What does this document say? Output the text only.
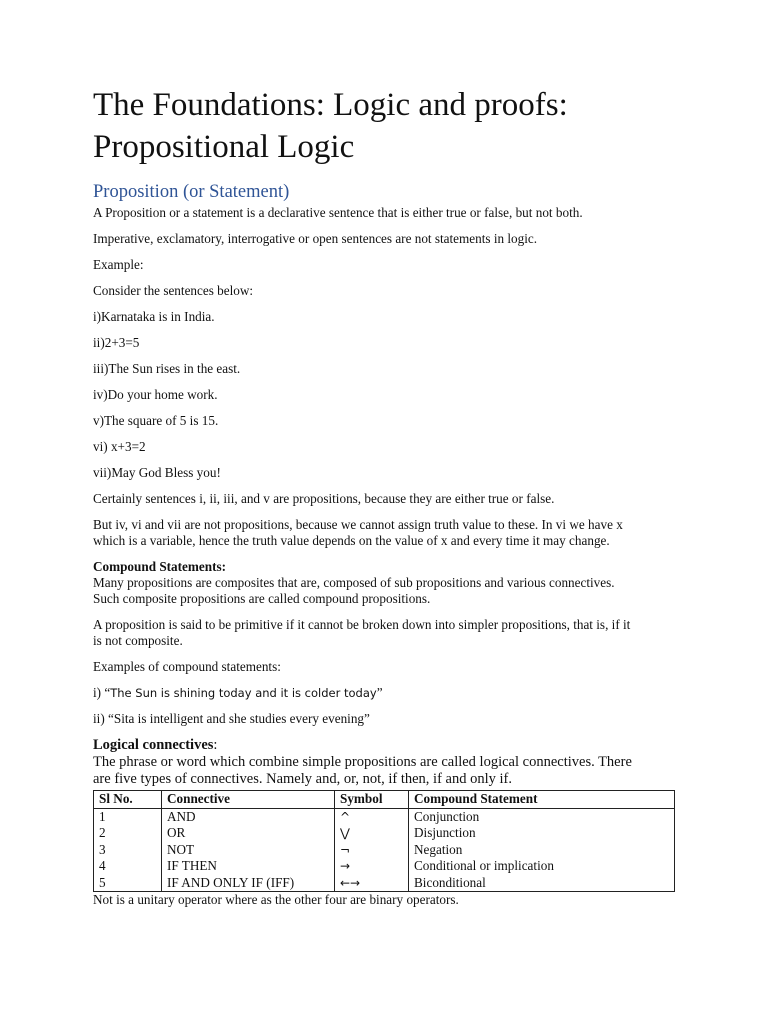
The Foundations: Logic and proofs:
Propositional Logic
Proposition (or Statement)

A Proposition or a statement is a declarative sentence that is either true or false, but not both.

Imperative, exclamatory, interrogative or open sentences are not statements in logic.

Example:

Consider the sentences below:

i)Karnataka is in India.

ii)2+3=5

iii)The Sun rises in the east.

iv)Do your home work.

v)The square of 5 is 15.

vi) x+3=2

vii)May God Bless you!

Certainly sentences i, ii, iii, and v are propositions, because they are either true or false.

But iv, vi and vii are not propositions, because we cannot assign truth value to these. In vi we have x
which is a variable, hence the truth value depends on the value of x and every time it may change.

Compound Statements:

Many propositions are composites that are, composed of sub propositions and various connectives.
Such composite propositions are called compound propositions.

A proposition is said to be primitive if it cannot be broken down into simpler propositions, that is, if it
is not composite.

Examples of compound statements:

i) “The Sun is shining today and it is colder today”

ii) “Sita is intelligent and she studies every evening”

Logical connectives:

The phrase or word which combine simple propositions are called logical connectives. There
are five types of connectives. Namely and, or, not, if then, if and only if.

Sl No.	Connective	Symbol	Compound Statement
1	AND	^	Conjunction
2	OR	⋁	Disjunction
3	NOT	¬	Negation
4	IF THEN	→	Conditional or implication
5	IF AND ONLY IF (IFF)	←→	Biconditional

Not is a unitary operator where as the other four are binary operators.
